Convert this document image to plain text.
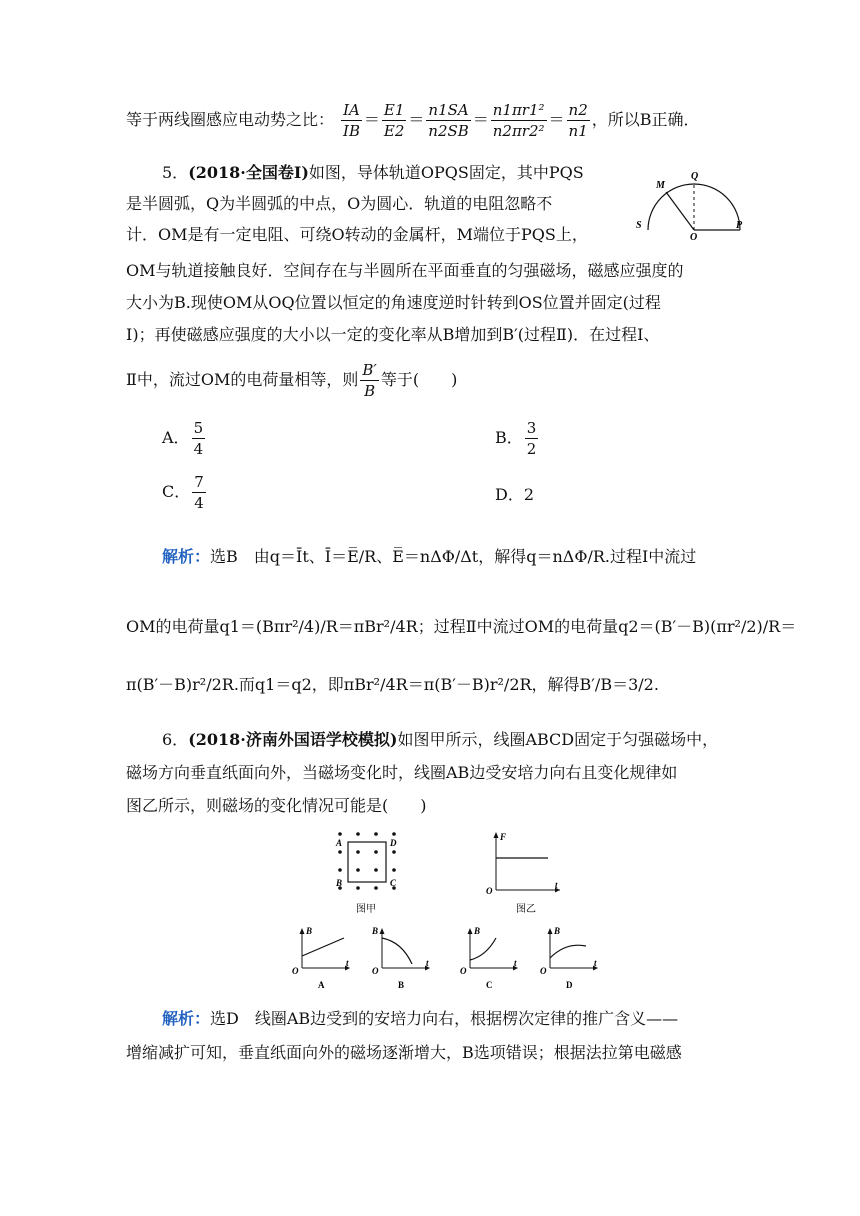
等于两线圈感应电动势之比： $\frac{IA}{IB} = \frac{E1}{E2} = \frac{n1SA}{n2SB} = \frac{\text{n1πr1²}}{\text{n2πr2²}} = \frac{n2}{n1}$ ，所以B正确．
5．(2018·全国卷Ⅰ)如图，导体轨道OPQS固定，其中PQS
是半圆弧，Q为半圆弧的中点，O为圆心．轨道的电阻忽略不
计．OM是有一定电阻、可绕O转动的金属杆，M端位于PQS上，
OM与轨道接触良好．空间存在与半圆所在平面垂直的匀强磁场，磁感应强度的
大小为B.现使OM从OQ位置以恒定的角速度逆时针转到OS位置并固定(过程
Ⅰ)；再使磁感应强度的大小以一定的变化率从B增加到B′(过程Ⅱ)．在过程Ⅰ、
Ⅱ中，流过OM的电荷量相等，则 $\frac{B'}{B}$ 等于(　　)
M
Q
S
O
P
A． $\frac{5}{4}$	B． $\frac{3}{2}$
C． $\frac{7}{4}$	D．2
解析：选B　由q＝Īt、Ī＝E̅/R、E̅＝nΔΦ/Δt，解得q＝nΔΦ/R.过程Ⅰ中流过
OM的电荷量q1＝(Bπr²/4)/R＝πBr²/4R；过程Ⅱ中流过OM的电荷量q2＝(B′－B)(πr²/2)/R＝
π(B′－B)r²/2R.而q1＝q2，即πBr²/4R＝π(B′－B)r²/2R，解得B′/B＝3/2.
6．(2018·济南外国语学校模拟)如图甲所示，线圈ABCD固定于匀强磁场中，
磁场方向垂直纸面向外，当磁场变化时，线圈AB边受安培力向右且变化规律如
图乙所示，则磁场的变化情况可能是(　　)
A
B	C
D
图甲
F
t
O
图乙
B
O
t
A
B
O
t
B
B
O
t
C
B
O
t
D
解析：选D　线圈AB边受到的安培力向右，根据楞次定律的推广含义——
增缩减扩可知，垂直纸面向外的磁场逐渐增大，B选项错误；根据法拉第电磁感
